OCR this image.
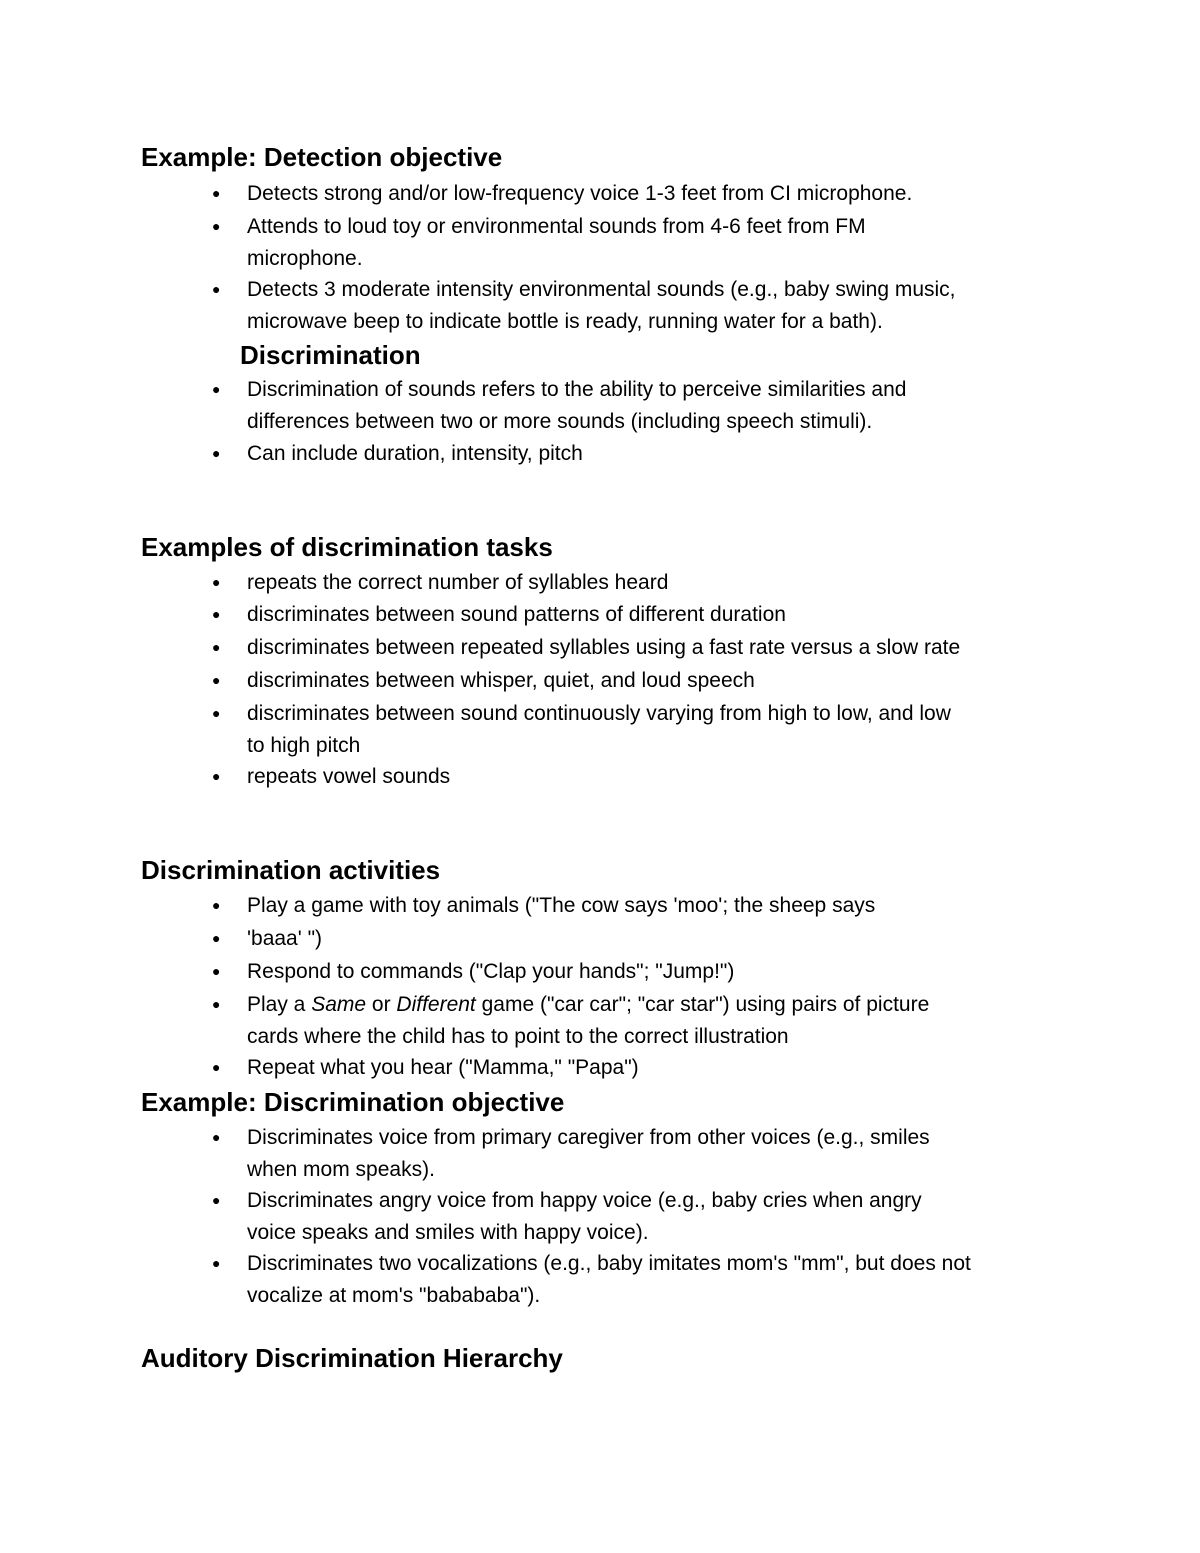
Example: Detection objective
● Detects strong and/or low-frequency voice 1-3 feet from CI microphone.
● Attends to loud toy or environmental sounds from 4-6 feet from FM
microphone.
● Detects 3 moderate intensity environmental sounds (e.g., baby swing music,
microwave beep to indicate bottle is ready, running water for a bath).
Discrimination
● Discrimination of sounds refers to the ability to perceive similarities and
differences between two or more sounds (including speech stimuli).
● Can include duration, intensity, pitch
Examples of discrimination tasks
● repeats the correct number of syllables heard
● discriminates between sound patterns of different duration
● discriminates between repeated syllables using a fast rate versus a slow rate
● discriminates between whisper, quiet, and loud speech
● discriminates between sound continuously varying from high to low, and low
to high pitch
● repeats vowel sounds
Discrimination activities
● Play a game with toy animals ("The cow says 'moo'; the sheep says
● 'baaa' ")
● Respond to commands ("Clap your hands"; "Jump!")
● Play a Same or Different game ("car car"; "car star") using pairs of picture
cards where the child has to point to the correct illustration
● Repeat what you hear ("Mamma," "Papa")
Example: Discrimination objective
● Discriminates voice from primary caregiver from other voices (e.g., smiles
when mom speaks).
● Discriminates angry voice from happy voice (e.g., baby cries when angry
voice speaks and smiles with happy voice).
● Discriminates two vocalizations (e.g., baby imitates mom's "mm", but does not
vocalize at mom's "babababa").
Auditory Discrimination Hierarchy
